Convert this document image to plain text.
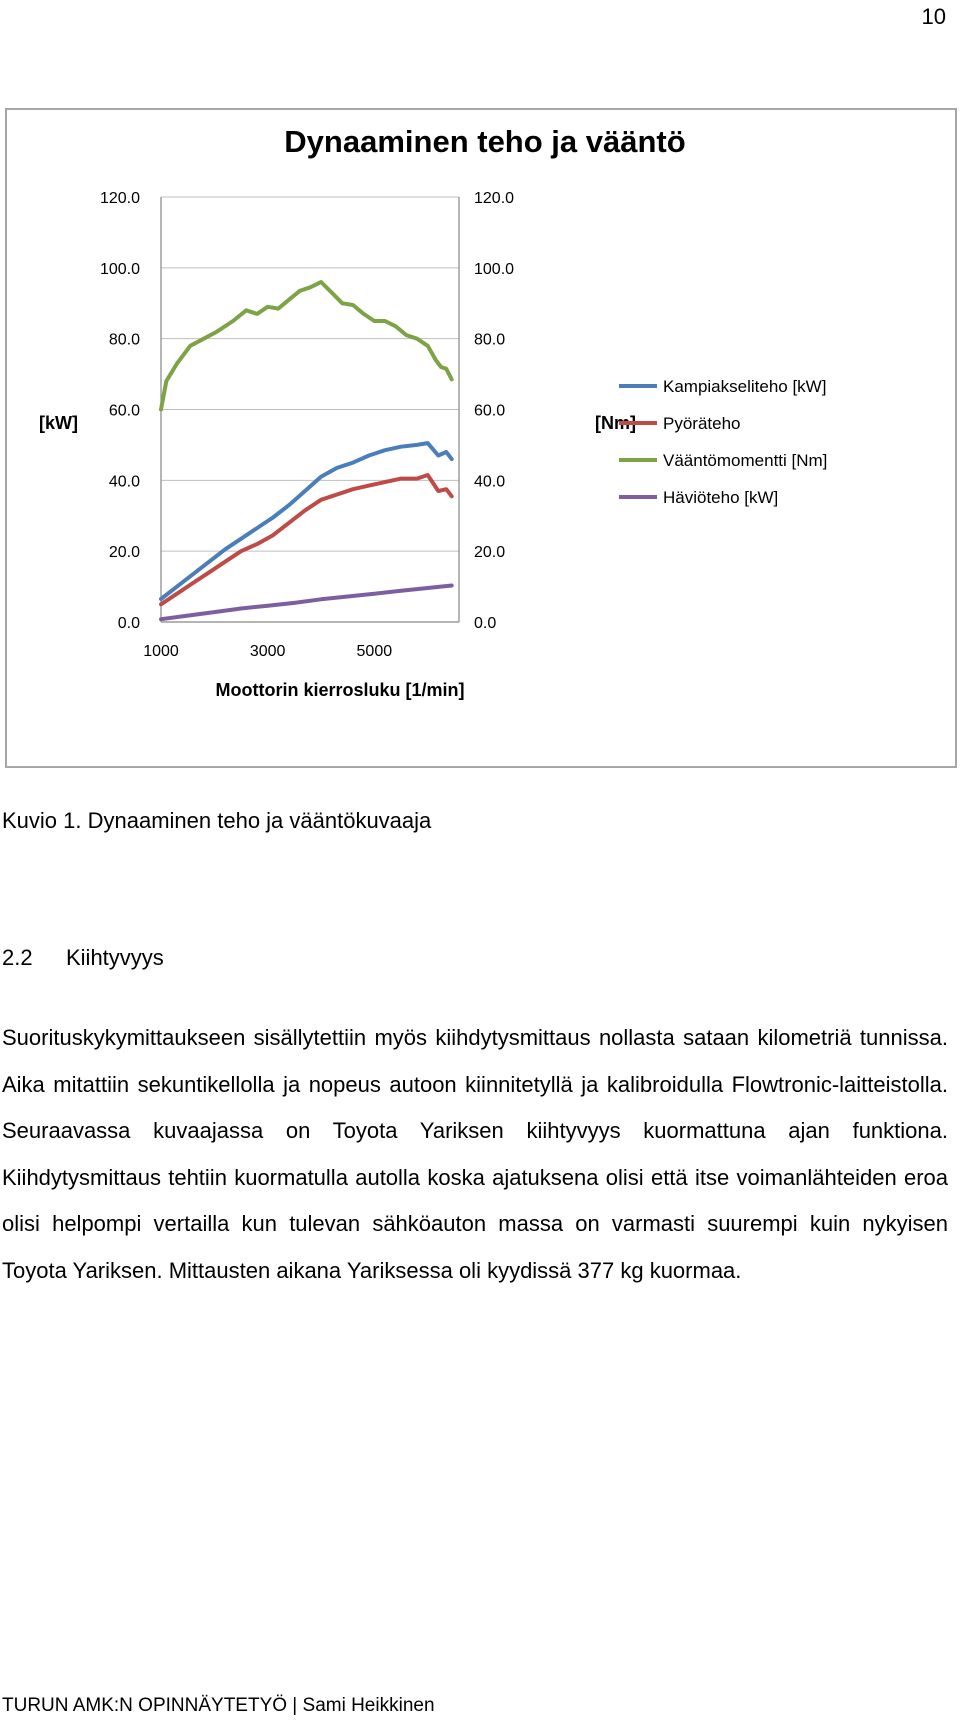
10
Dynaaminen teho ja vääntö
120.0	120.0
100.0	100.0
80.0	80.0
60.0	60.0
40.0	40.0
20.0	20.0
0.0	0.0
1000	3000	5000
[kW]	[Nm]
Moottorin kierrosluku [1/min]
Kampiakseliteho [kW]
Pyöräteho
Vääntömomentti [Nm]
Häviöteho [kW]
Kuvio 1. Dynaaminen teho ja vääntökuvaaja
2.2 Kiihtyvyys

Suorituskykymittaukseen sisällytettiin myös kiihdytysmittaus nollasta sataan kilometriä tunnissa. Aika mitattiin sekuntikellolla ja nopeus autoon kiinnitetyllä ja kalibroidulla Flowtronic-laitteistolla. Seuraavassa kuvaajassa on Toyota Yariksen kiihtyvyys kuormattuna ajan funktiona. Kiihdytysmittaus tehtiin kuormatulla autolla koska ajatuksena olisi että itse voimanlähteiden eroa olisi helpompi vertailla kun tulevan sähköauton massa on varmasti suurempi kuin nykyisen Toyota Yariksen. Mittausten aikana Yariksessa oli kyydissä 377 kg kuormaa.

TURUN AMK:N OPINNÄYTETYÖ | Sami Heikkinen
